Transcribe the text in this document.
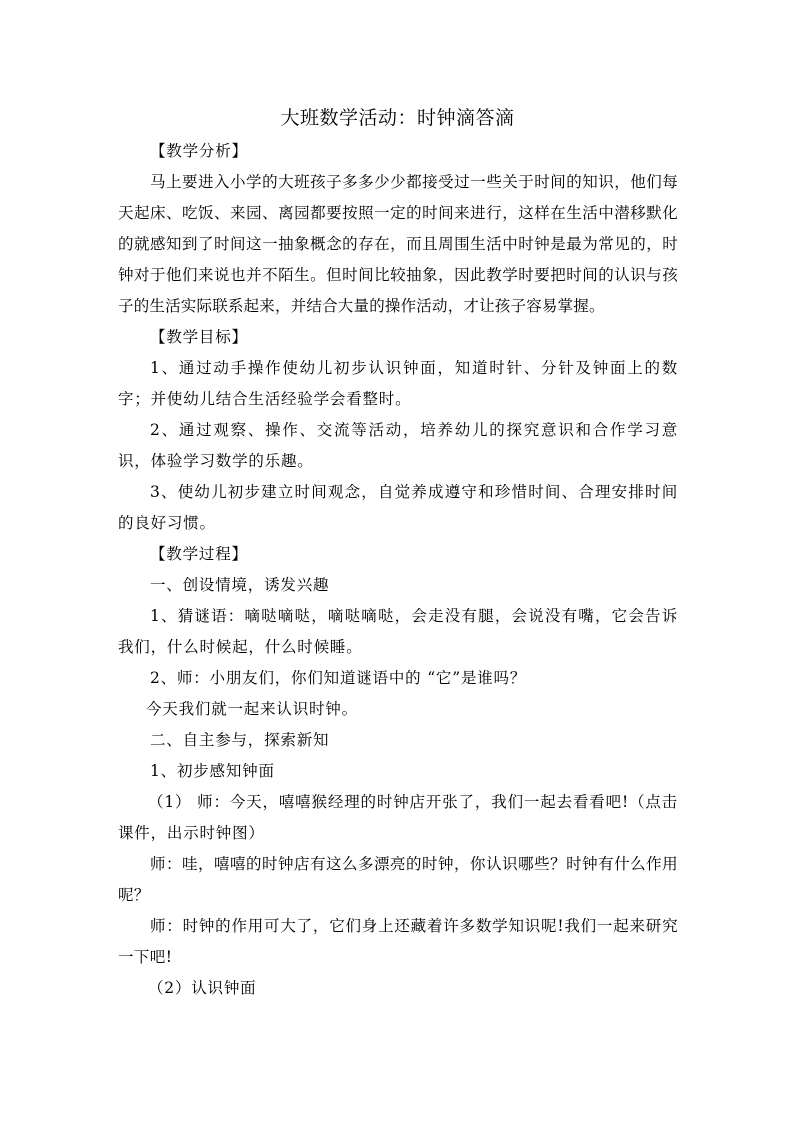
大班数学活动：时钟滴答滴

【教学分析】

马上要进入小学的大班孩子多多少少都接受过一些关于时间的知识，他们每天起床、吃饭、来园、离园都要按照一定的时间来进行，这样在生活中潜移默化的就感知到了时间这一抽象概念的存在，而且周围生活中时钟是最为常见的，时钟对于他们来说也并不陌生。但时间比较抽象，因此教学时要把时间的认识与孩子的生活实际联系起来，并结合大量的操作活动，才让孩子容易掌握。

【教学目标】

1、通过动手操作使幼儿初步认识钟面，知道时针、分针及钟面上的数字；并使幼儿结合生活经验学会看整时。

2、通过观察、操作、交流等活动，培养幼儿的探究意识和合作学习意识，体验学习数学的乐趣。

3、使幼儿初步建立时间观念，自觉养成遵守和珍惜时间、合理安排时间的良好习惯。

【教学过程】

一、创设情境，诱发兴趣

1、猜谜语：嘀哒嘀哒，嘀哒嘀哒，会走没有腿，会说没有嘴，它会告诉我们，什么时候起，什么时候睡。

2、师：小朋友们，你们知道谜语中的 “它”是谁吗？

今天我们就一起来认识时钟。

二、自主参与，探索新知

1、初步感知钟面

（1） 师：今天，嘻嘻猴经理的时钟店开张了，我们一起去看看吧!（点击课件，出示时钟图）

师：哇，嘻嘻的时钟店有这么多漂亮的时钟，你认识哪些？时钟有什么作用呢？

师：时钟的作用可大了，它们身上还藏着许多数学知识呢!我们一起来研究一下吧!

（2）认识钟面
